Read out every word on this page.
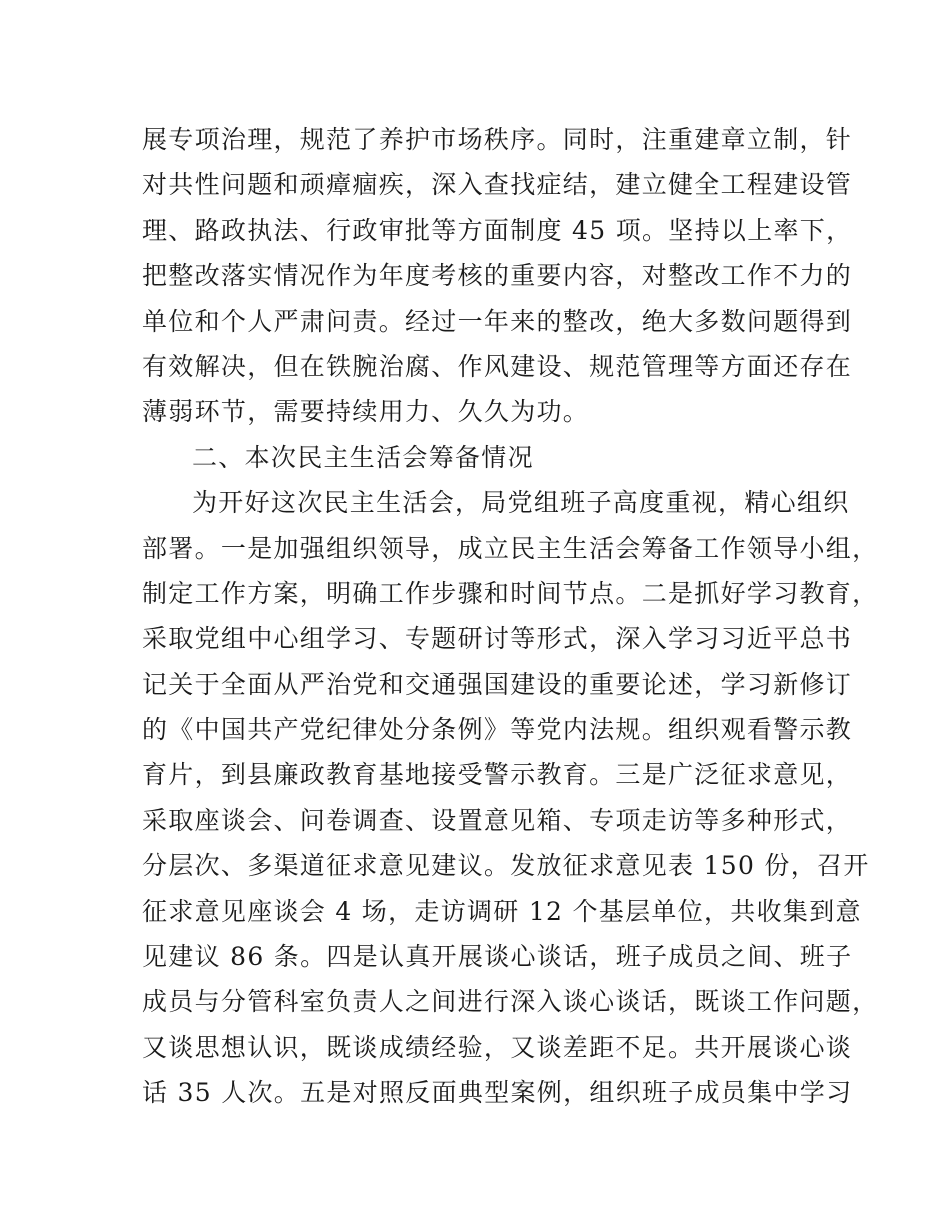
展专项治理，规范了养护市场秩序。同时，注重建章立制，针
对共性问题和顽瘴痼疾，深入查找症结，建立健全工程建设管
理、路政执法、行政审批等方面制度 45 项。坚持以上率下，
把整改落实情况作为年度考核的重要内容，对整改工作不力的
单位和个人严肃问责。经过一年来的整改，绝大多数问题得到
有效解决，但在铁腕治腐、作风建设、规范管理等方面还存在
薄弱环节，需要持续用力、久久为功。
二、本次民主生活会筹备情况
为开好这次民主生活会，局党组班子高度重视，精心组织
部署。一是加强组织领导，成立民主生活会筹备工作领导小组，
制定工作方案，明确工作步骤和时间节点。二是抓好学习教育，
采取党组中心组学习、专题研讨等形式，深入学习习近平总书
记关于全面从严治党和交通强国建设的重要论述，学习新修订
的《中国共产党纪律处分条例》等党内法规。组织观看警示教
育片，到县廉政教育基地接受警示教育。三是广泛征求意见，
采取座谈会、问卷调查、设置意见箱、专项走访等多种形式，
分层次、多渠道征求意见建议。发放征求意见表 150 份，召开
征求意见座谈会 4 场，走访调研 12 个基层单位，共收集到意
见建议 86 条。四是认真开展谈心谈话，班子成员之间、班子
成员与分管科室负责人之间进行深入谈心谈话，既谈工作问题，
又谈思想认识，既谈成绩经验，又谈差距不足。共开展谈心谈
话 35 人次。五是对照反面典型案例，组织班子成员集中学习
